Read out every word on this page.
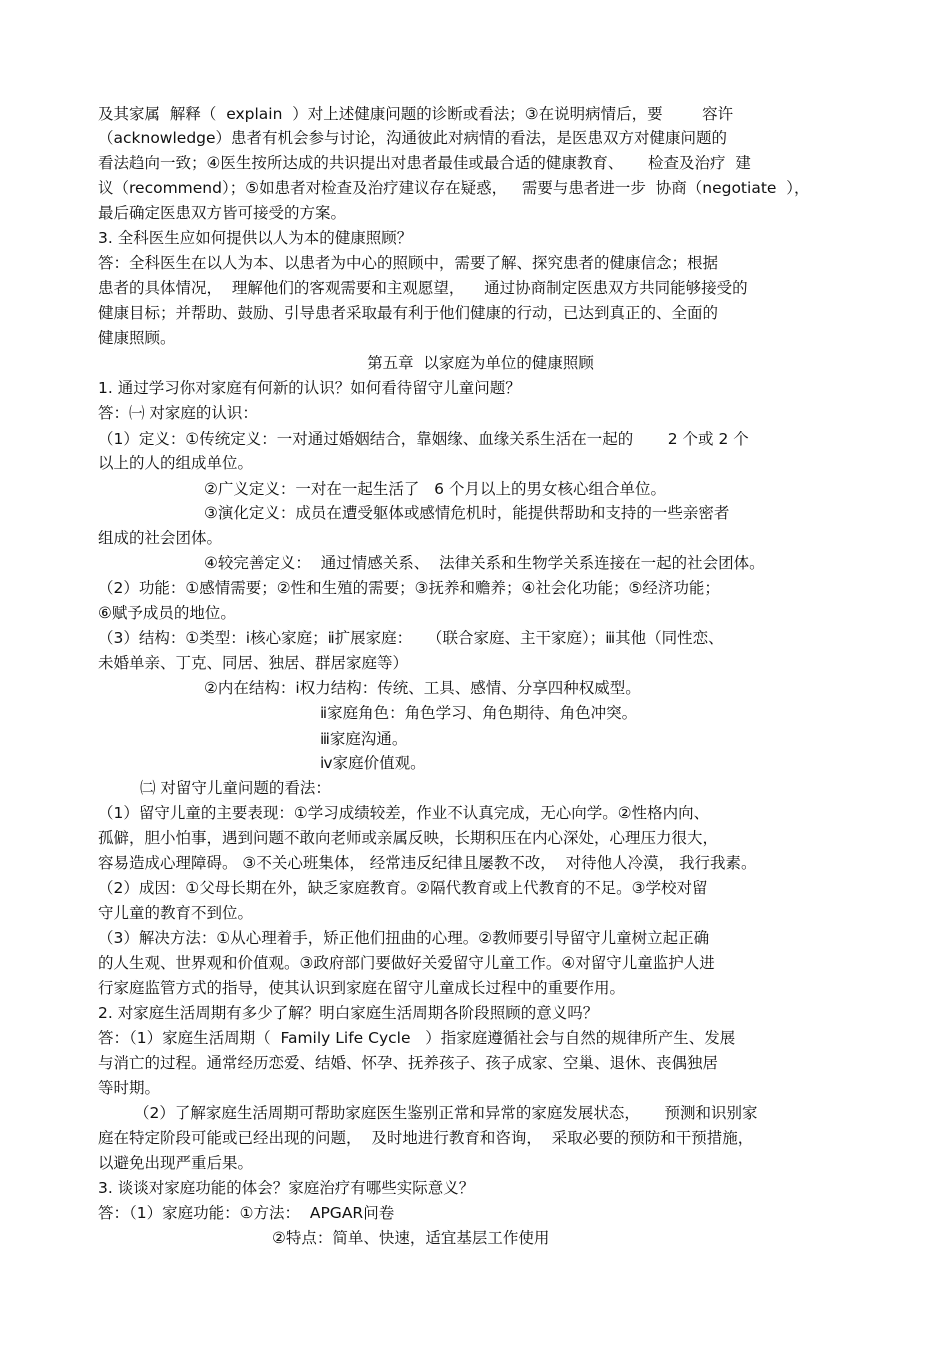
及其家属  解释（  explain  ）对上述健康问题的诊断或看法；③在说明病情后，要        容许
（acknowledge）患者有机会参与讨论，沟通彼此对病情的看法，是医患双方对健康问题的
看法趋向一致；④医生按所达成的共识提出对患者最佳或最合适的健康教育、     检查及治疗  建
议（recommend）；⑤如患者对检查及治疗建议存在疑惑，   需要与患者进一步  协商（negotiate  ），
最后确定医患双方皆可接受的方案。
3. 全科医生应如何提供以人为本的健康照顾？
答：全科医生在以人为本、以患者为中心的照顾中，需要了解、探究患者的健康信念；根据
患者的具体情况，  理解他们的客观需要和主观愿望，    通过协商制定医患双方共同能够接受的
健康目标；并帮助、鼓励、引导患者采取最有利于他们健康的行动，已达到真正的、全面的
健康照顾。
第五章  以家庭为单位的健康照顾
1. 通过学习你对家庭有何新的认识？如何看待留守儿童问题？
答：㈠ 对家庭的认识：
（1）定义：①传统定义：一对通过婚姻结合，靠姻缘、血缘关系生活在一起的       2 个或 2 个
以上的人的组成单位。
②广义定义：一对在一起生活了   6 个月以上的男女核心组合单位。
③演化定义：成员在遭受躯体或感情危机时，能提供帮助和支持的一些亲密者
组成的社会团体。
④较完善定义：  通过情感关系、  法律关系和生物学关系连接在一起的社会团体。
（2）功能：①感情需要；②性和生殖的需要；③抚养和赡养；④社会化功能；⑤经济功能；
⑥赋予成员的地位。
（3）结构：①类型：ⅰ核心家庭；ⅱ扩展家庭：   （联合家庭、主干家庭）；ⅲ其他（同性恋、
未婚单亲、丁克、同居、独居、群居家庭等）
②内在结构：ⅰ权力结构：传统、工具、感情、分享四种权威型。
ⅱ家庭角色：角色学习、角色期待、角色冲突。
ⅲ家庭沟通。
ⅳ家庭价值观。
㈡ 对留守儿童问题的看法：
（1）留守儿童的主要表现：①学习成绩较差，作业不认真完成，无心向学。②性格内向、
孤僻，胆小怕事，遇到问题不敢向老师或亲属反映，长期积压在内心深处，心理压力很大，
容易造成心理障碍。 ③不关心班集体， 经常违反纪律且屡教不改，  对待他人冷漠， 我行我素。
（2）成因：①父母长期在外，缺乏家庭教育。②隔代教育或上代教育的不足。③学校对留
守儿童的教育不到位。
（3）解决方法：①从心理着手，矫正他们扭曲的心理。②教师要引导留守儿童树立起正确
的人生观、世界观和价值观。③政府部门要做好关爱留守儿童工作。④对留守儿童监护人进
行家庭监管方式的指导，使其认识到家庭在留守儿童成长过程中的重要作用。
2. 对家庭生活周期有多少了解？明白家庭生活周期各阶段照顾的意义吗？
答：（1）家庭生活周期（  Family Life Cycle   ）指家庭遵循社会与自然的规律所产生、发展
与消亡的过程。通常经历恋爱、结婚、怀孕、抚养孩子、孩子成家、空巢、退休、丧偶独居
等时期。
（2）了解家庭生活周期可帮助家庭医生鉴别正常和异常的家庭发展状态，     预测和识别家
庭在特定阶段可能或已经出现的问题，  及时地进行教育和咨询，  采取必要的预防和干预措施，
以避免出现严重后果。
3. 谈谈对家庭功能的体会？家庭治疗有哪些实际意义？
答：（1）家庭功能：①方法：  APGAR问卷
②特点：简单、快速，适宜基层工作使用
